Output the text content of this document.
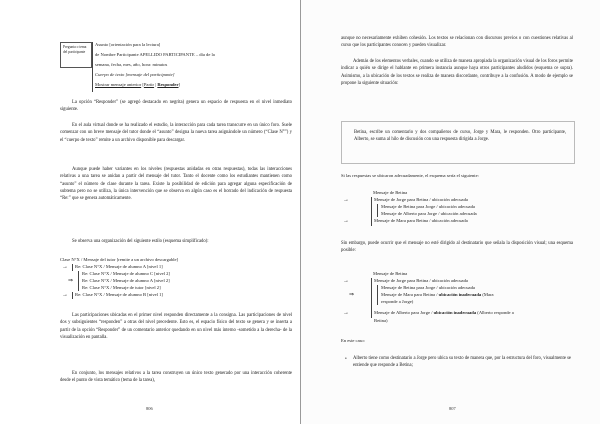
Pregunta o tema del participante
Asunto [orientación para la lectura]
de Nombre Participante APELLIDO PARTICIPANTE – día de la
semana, fecha, mes, año, hora: minutos
Cuerpo de texto [mensaje del participante]
Mostrar mensaje anterior [Partir | Responder]

La opción “Responder” (se agregó destacado en negrita) genera un espacio de respuesta en el nivel inmediato siguiente.

En el aula virtual donde se ha realizado el estudio, la interacción para cada tarea transcurre en un único foro. Suele comenzar con un breve mensaje del tutor donde el “asunto” designa la nueva tarea asignándole un número (“Clase N°”) y el “cuerpo de texto” remite a un archivo disponible para descargar.

Aunque puede haber variantes en los niveles (respuestas anidadas en otras respuestas), todas las interacciones relativas a una tarea se anidan a partir del mensaje del tutor. Tanto el docente como los estudiantes mantienen como “asunto” el número de clase durante la tarea. Existe la posibilidad de edición para agregar alguna especificación de subtema pero no se utiliza, la única intervención que se observa en algún caso es el borrado del indicación de respuesta “Re:” que se genera automáticamente.

Se observa una organización del siguiente estilo (esquema simplificado):

Clase N°X / Mensaje del tutor [remite a un archivo descargable]
→ Re: Clase N°X / Mensaje de alumno A [nivel 1]
Re: Clase N°X / Mensaje de alumno C [nivel 2]
⇒ Re: Clase N°X / Mensaje de alumno A [nivel 2]
Re: Clase N°X / Mensaje de tutor [nivel 2]
→ Re: Clase N°X / Mensaje de alumno B [nivel 1]

Las participaciones ubicadas en el primer nivel responden directamente a la consigna. Las participaciones de nivel dos y subsiguientes “responden” a otras del nivel precedente. Esto es, el espacio físico del texto se genera y se inserta a partir de la opción “Responder” de un comentario anterior quedando en un nivel más interno -sometido a la derecha- de la visualización en pantalla.

En conjunto, los mensajes relativos a la tarea construyen un único texto generado por una interacción coherente desde el punto de vista temático (tema de la tarea),

806

aunque no necesariamente exhiben cohesión. Los textos se relacionan con discursos previos o con cuestiones relativas al curso que los participantes conocen y pueden visualizar.

Además de los elementos verbales, cuando se utiliza de manera apropiada la organización visual de los foros permite indicar a quién se dirige el hablante en primera instancia aunque haya otros participantes aludidos (esquema ce supra). Asimismo, a la ubicación de los textos se realiza de manera discordante, contribuye a la confusión. A modo de ejemplo se propone la siguiente situación:

Betina, escribe un comentario y dos compañeros de curso, Jorge y Mara, le responden. Otro participante, Alberto, se suma al hilo de discusión con una respuesta dirigida a Jorge.

Si las respuestas se ubicaron adecuadamente, el esquema sería el siguiente:
Mensaje de Betina
→	Mensaje de Jorge para Betina / ubicación adecuada
Mensaje de Betina para Jorge / ubicación adecuada
Mensaje de Alberto para Jorge / ubicación adecuada
→	Mensaje de Mara para Betina / ubicación adecuada

Sin embargo, puede ocurrir que el mensaje no esté dirigido al destinatario que señala la disposición visual; una esquema posible:

Mensaje de Betina
→	Mensaje de Jorge para Betina / ubicación adecuada
Mensaje de Betina para Jorge / ubicación adecuada
⇒	Mensaje de Mara para Betina / ubicación inadecuada (Mara
responde a Jorge)
→	Mensaje de Alberto para Jorge / ubicación inadecuada (Alberto responde a
Betina)
En este caso:
• Alberto tiene como destinatario a Jorge pero ubica su texto de manera que, por la estructura del foro, visualmente se entiende que responde a Betina;

807
